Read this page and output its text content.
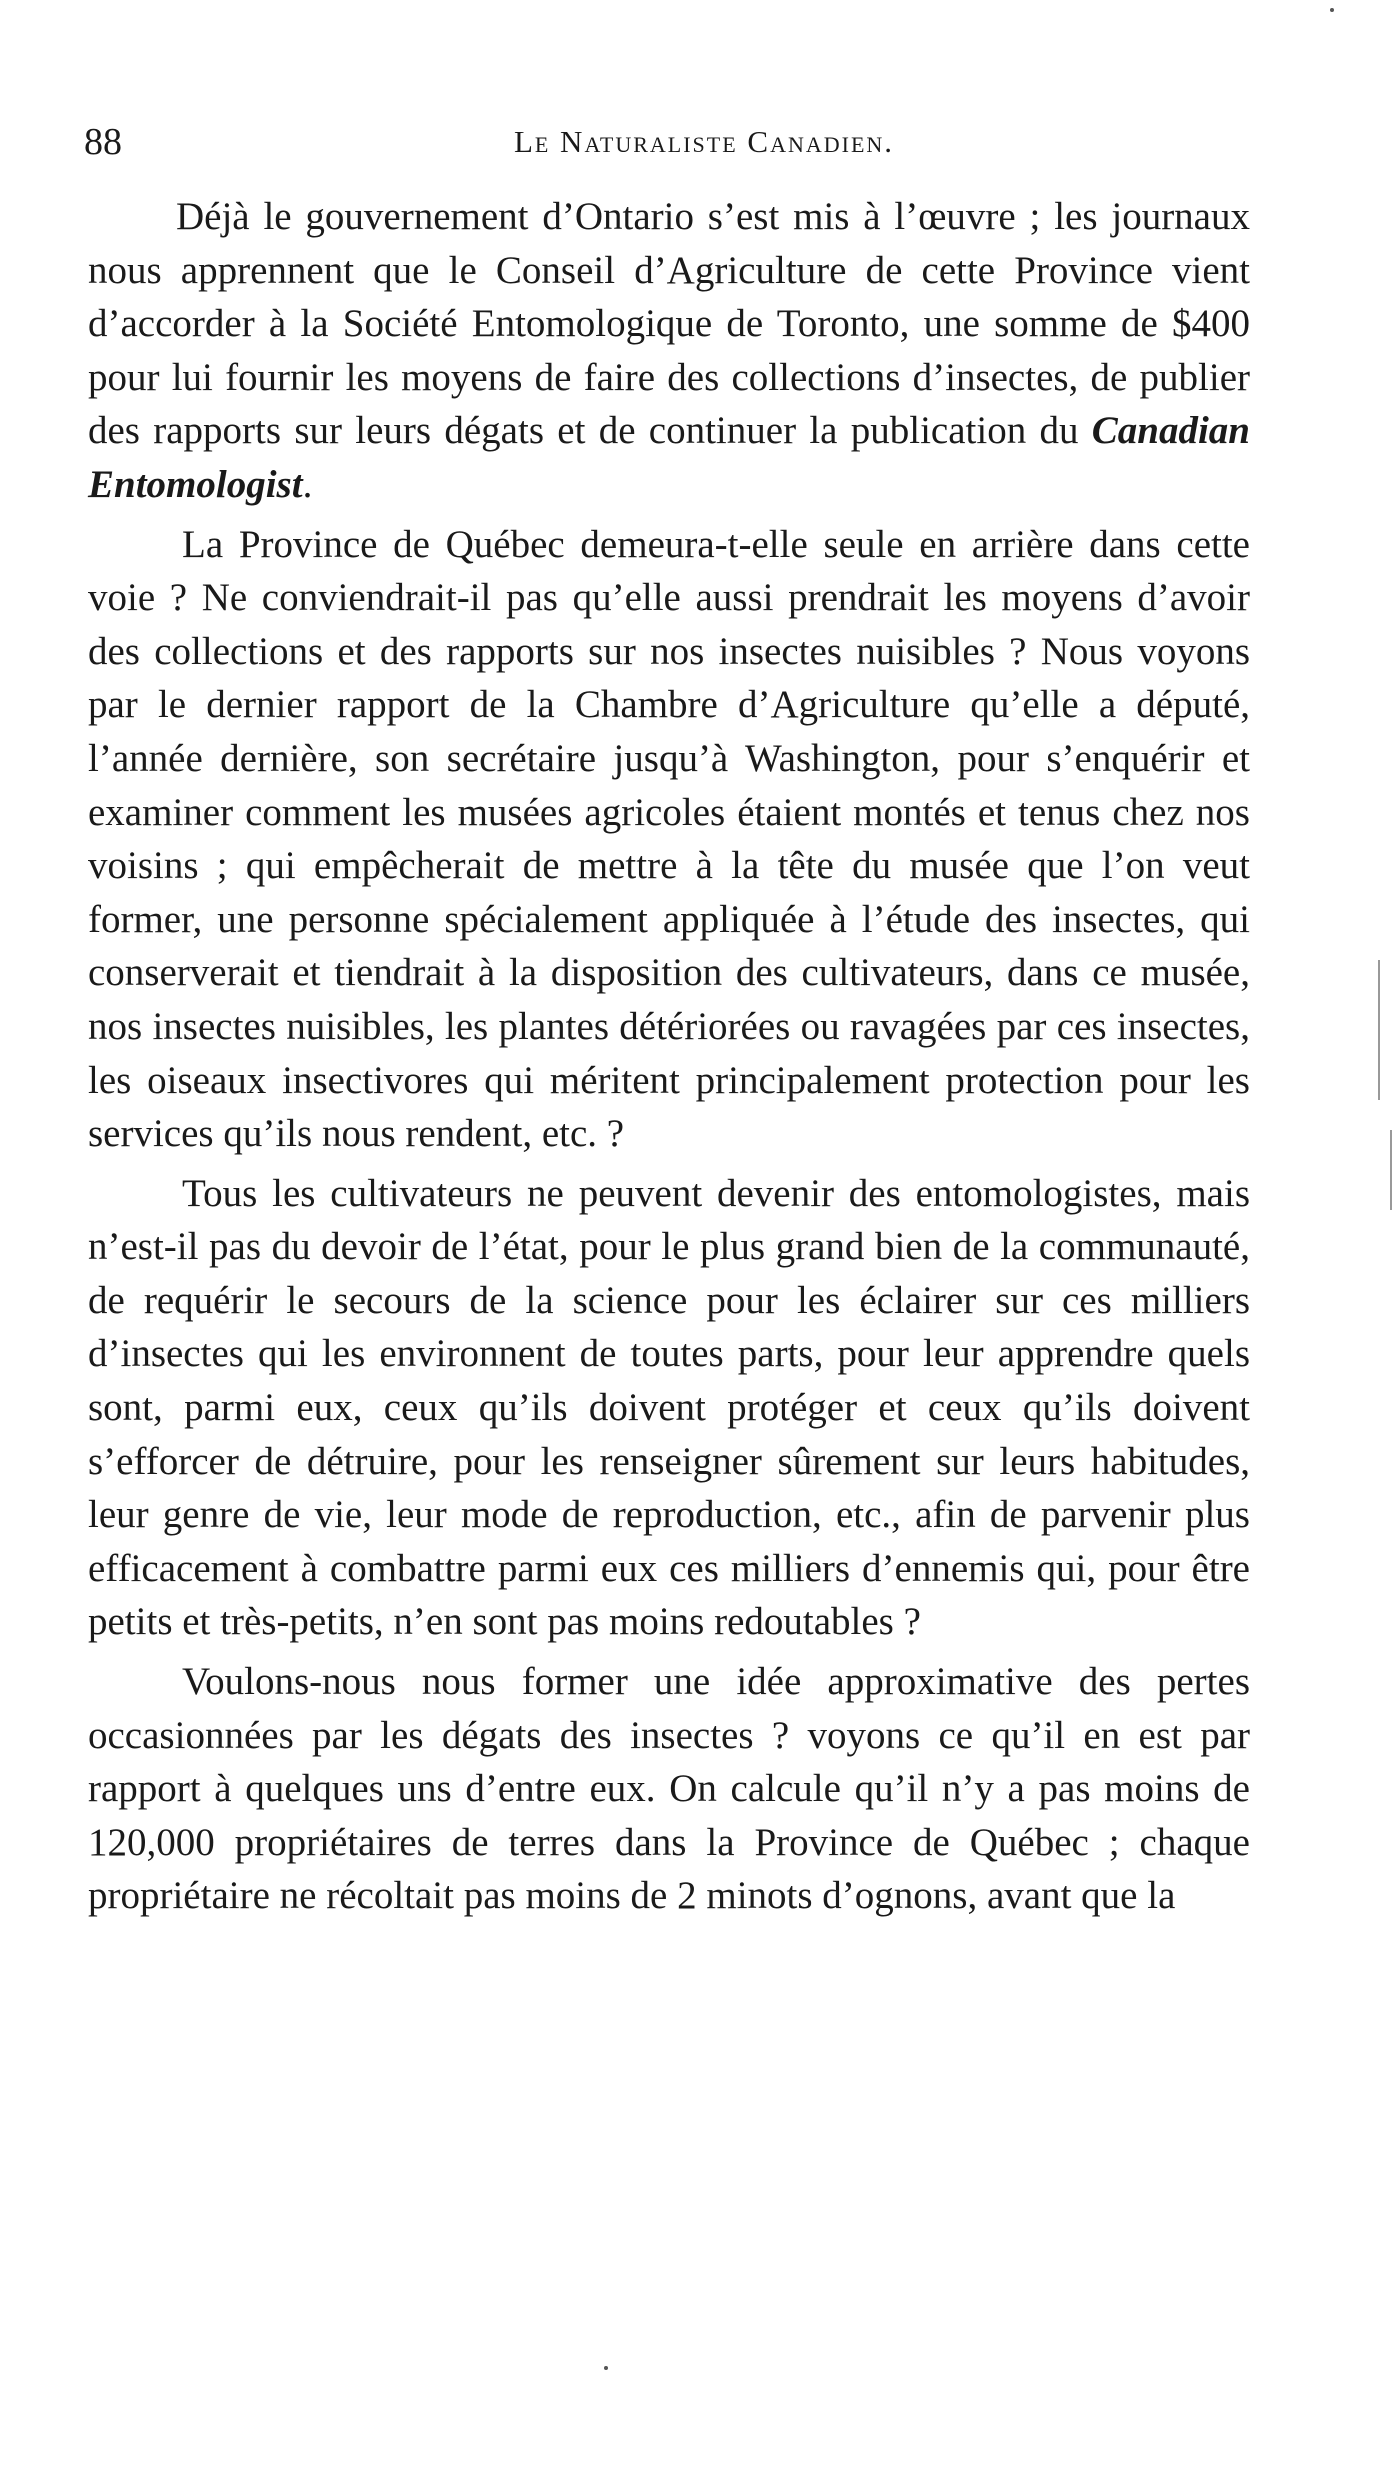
88	Le Naturaliste Canadien.

Déjà le gouvernement d’Ontario s’est mis à l’œuvre ; les journaux nous apprennent que le Conseil d’Agriculture de cette Province vient d’accorder à la Société Entomologique de Toronto, une somme de $400 pour lui fournir les moyens de faire des collections d’insectes, de publier des rapports sur leurs dégats et de continuer la publication du Canadian Entomologist.

La Province de Québec demeura-t-elle seule en arrière dans cette voie ? Ne conviendrait-il pas qu’elle aussi prendrait les moyens d’avoir des collections et des rapports sur nos insectes nuisibles ? Nous voyons par le dernier rapport de la Chambre d’Agriculture qu’elle a député, l’année dernière, son secrétaire jusqu’à Washington, pour s’enquérir et examiner comment les musées agricoles étaient montés et tenus chez nos voisins ; qui empêcherait de mettre à la tête du musée que l’on veut former, une personne spécialement appliquée à l’étude des insectes, qui conserverait et tiendrait à la disposition des cultivateurs, dans ce musée, nos insectes nuisibles, les plantes détériorées ou ravagées par ces insectes, les oiseaux insectivores qui méritent principalement protection pour les services qu’ils nous rendent, etc. ?

Tous les cultivateurs ne peuvent devenir des entomologistes, mais n’est-il pas du devoir de l’état, pour le plus grand bien de la communauté, de requérir le secours de la science pour les éclairer sur ces milliers d’insectes qui les environnent de toutes parts, pour leur apprendre quels sont, parmi eux, ceux qu’ils doivent protéger et ceux qu’ils doivent s’efforcer de détruire, pour les renseigner sûrement sur leurs habitudes, leur genre de vie, leur mode de reproduction, etc., afin de parvenir plus efficacement à combattre parmi eux ces milliers d’ennemis qui, pour être petits et très-petits, n’en sont pas moins redoutables ?

Voulons-nous nous former une idée approximative des pertes occasionnées par les dégats des insectes ? voyons ce qu’il en est par rapport à quelques uns d’entre eux. On calcule qu’il n’y a pas moins de 120,000 propriétaires de terres dans la Province de Québec ; chaque propriétaire ne récoltait pas moins de 2 minots d’ognons, avant que la
